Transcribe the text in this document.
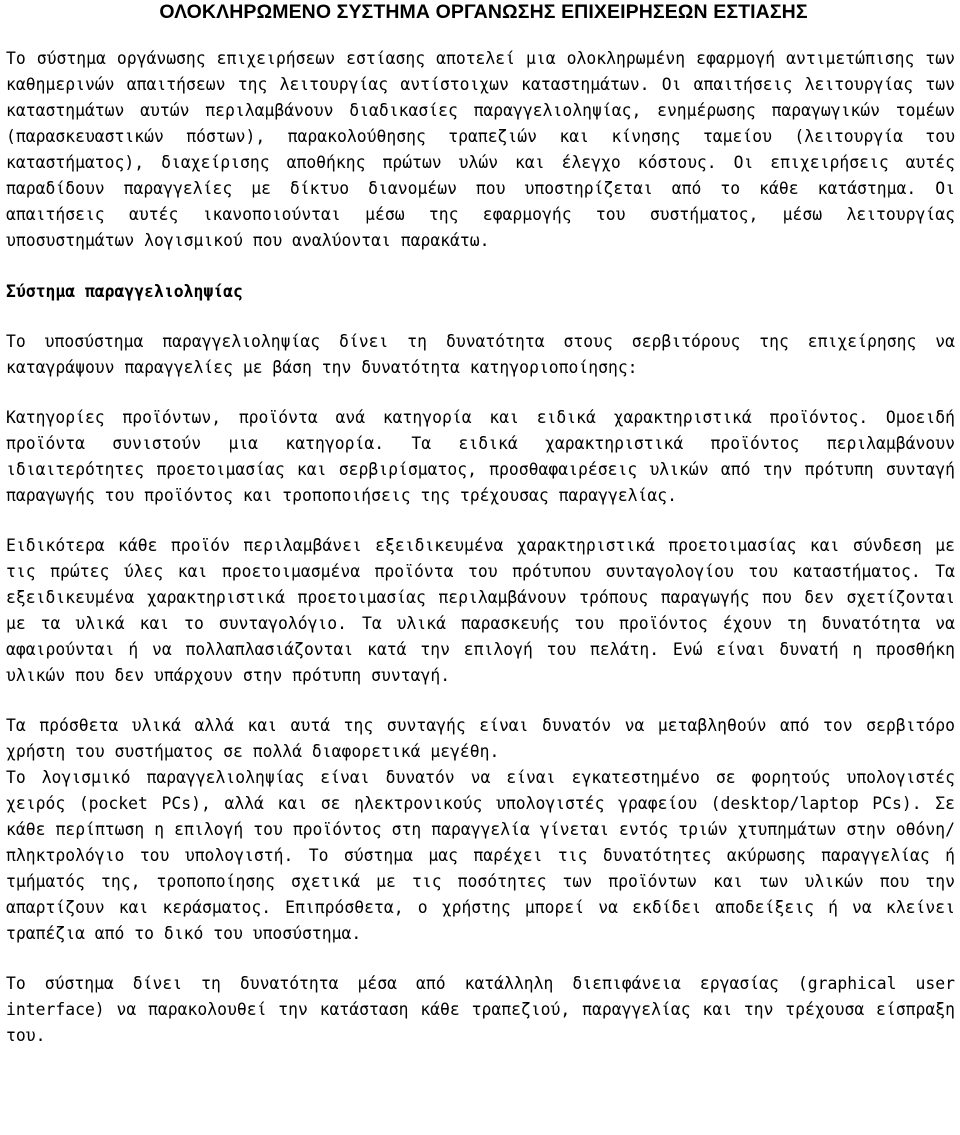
ΟΛΟΚΛΗΡΩΜΕΝΟ ΣΥΣΤΗΜΑ ΟΡΓΑΝΩΣΗΣ ΕΠΙΧΕΙΡΗΣΕΩΝ ΕΣΤΙΑΣΗΣ

Το σύστημα οργάνωσης επιχειρήσεων εστίασης αποτελεί μια ολοκληρωμένη εφαρμογή αντιμετώπισης των καθημερινών απαιτήσεων της λειτουργίας αντίστοιχων καταστημάτων. Οι απαιτήσεις λειτουργίας των καταστημάτων αυτών περιλαμβάνουν διαδικασίες παραγγελιοληψίας, ενημέρωσης παραγωγικών τομέων (παρασκευαστικών πόστων), παρακολούθησης τραπεζιών και κίνησης ταμείου (λειτουργία του καταστήματος), διαχείρισης αποθήκης πρώτων υλών και έλεγχο κόστους. Οι επιχειρήσεις αυτές παραδίδουν παραγγελίες με δίκτυο διανομέων που υποστηρίζεται από το κάθε κατάστημα. Οι απαιτήσεις αυτές ικανοποιούνται μέσω της εφαρμογής του συστήματος, μέσω λειτουργίας υποσυστημάτων λογισμικού που αναλύονται παρακάτω.

Σύστημα παραγγελιοληψίας

Το υποσύστημα παραγγελιοληψίας δίνει τη δυνατότητα στους σερβιτόρους της επιχείρησης να καταγράψουν παραγγελίες με βάση την δυνατότητα κατηγοριοποίησης:

Κατηγορίες προϊόντων, προϊόντα ανά κατηγορία και ειδικά χαρακτηριστικά προϊόντος. Ομοειδή προϊόντα συνιστούν μια κατηγορία. Τα ειδικά χαρακτηριστικά προϊόντος περιλαμβάνουν ιδιαιτερότητες προετοιμασίας και σερβιρίσματος, προσθαφαιρέσεις υλικών από την πρότυπη συνταγή παραγωγής του προϊόντος και τροποποιήσεις της τρέχουσας παραγγελίας.

Ειδικότερα κάθε προϊόν περιλαμβάνει εξειδικευμένα χαρακτηριστικά προετοιμασίας και σύνδεση με τις πρώτες ύλες και προετοιμασμένα προϊόντα του πρότυπου συνταγολογίου του καταστήματος. Τα εξειδικευμένα χαρακτηριστικά προετοιμασίας περιλαμβάνουν τρόπους παραγωγής που δεν σχετίζονται με τα υλικά και το συνταγολόγιο. Τα υλικά παρασκευής του προϊόντος έχουν τη δυνατότητα να αφαιρούνται ή να πολλαπλασιάζονται κατά την επιλογή του πελάτη. Ενώ είναι δυνατή η προσθήκη υλικών που δεν υπάρχουν στην πρότυπη συνταγή.

Τα πρόσθετα υλικά αλλά και αυτά της συνταγής είναι δυνατόν να μεταβληθούν από τον σερβιτόρο χρήστη του συστήματος σε πολλά διαφορετικά μεγέθη.

Το λογισμικό παραγγελιοληψίας είναι δυνατόν να είναι εγκατεστημένο σε φορητούς υπολογιστές χειρός (pocket PCs), αλλά και σε ηλεκτρονικούς υπολογιστές γραφείου (desktop/laptop PCs). Σε κάθε περίπτωση η επιλογή του προϊόντος στη παραγγελία γίνεται εντός τριών χτυπημάτων στην οθόνη/πληκτρολόγιο του υπολογιστή. Το σύστημα μας παρέχει τις δυνατότητες ακύρωσης παραγγελίας ή τμήματός της, τροποποίησης σχετικά με τις ποσότητες των προϊόντων και των υλικών που την απαρτίζουν και κεράσματος. Επιπρόσθετα, ο χρήστης μπορεί να εκδίδει αποδείξεις ή να κλείνει τραπέζια από το δικό του υποσύστημα.

Το σύστημα δίνει τη δυνατότητα μέσα από κατάλληλη διεπιφάνεια εργασίας (graphical user interface) να παρακολουθεί την κατάσταση κάθε τραπεζιού, παραγγελίας και την τρέχουσα είσπραξη του.
